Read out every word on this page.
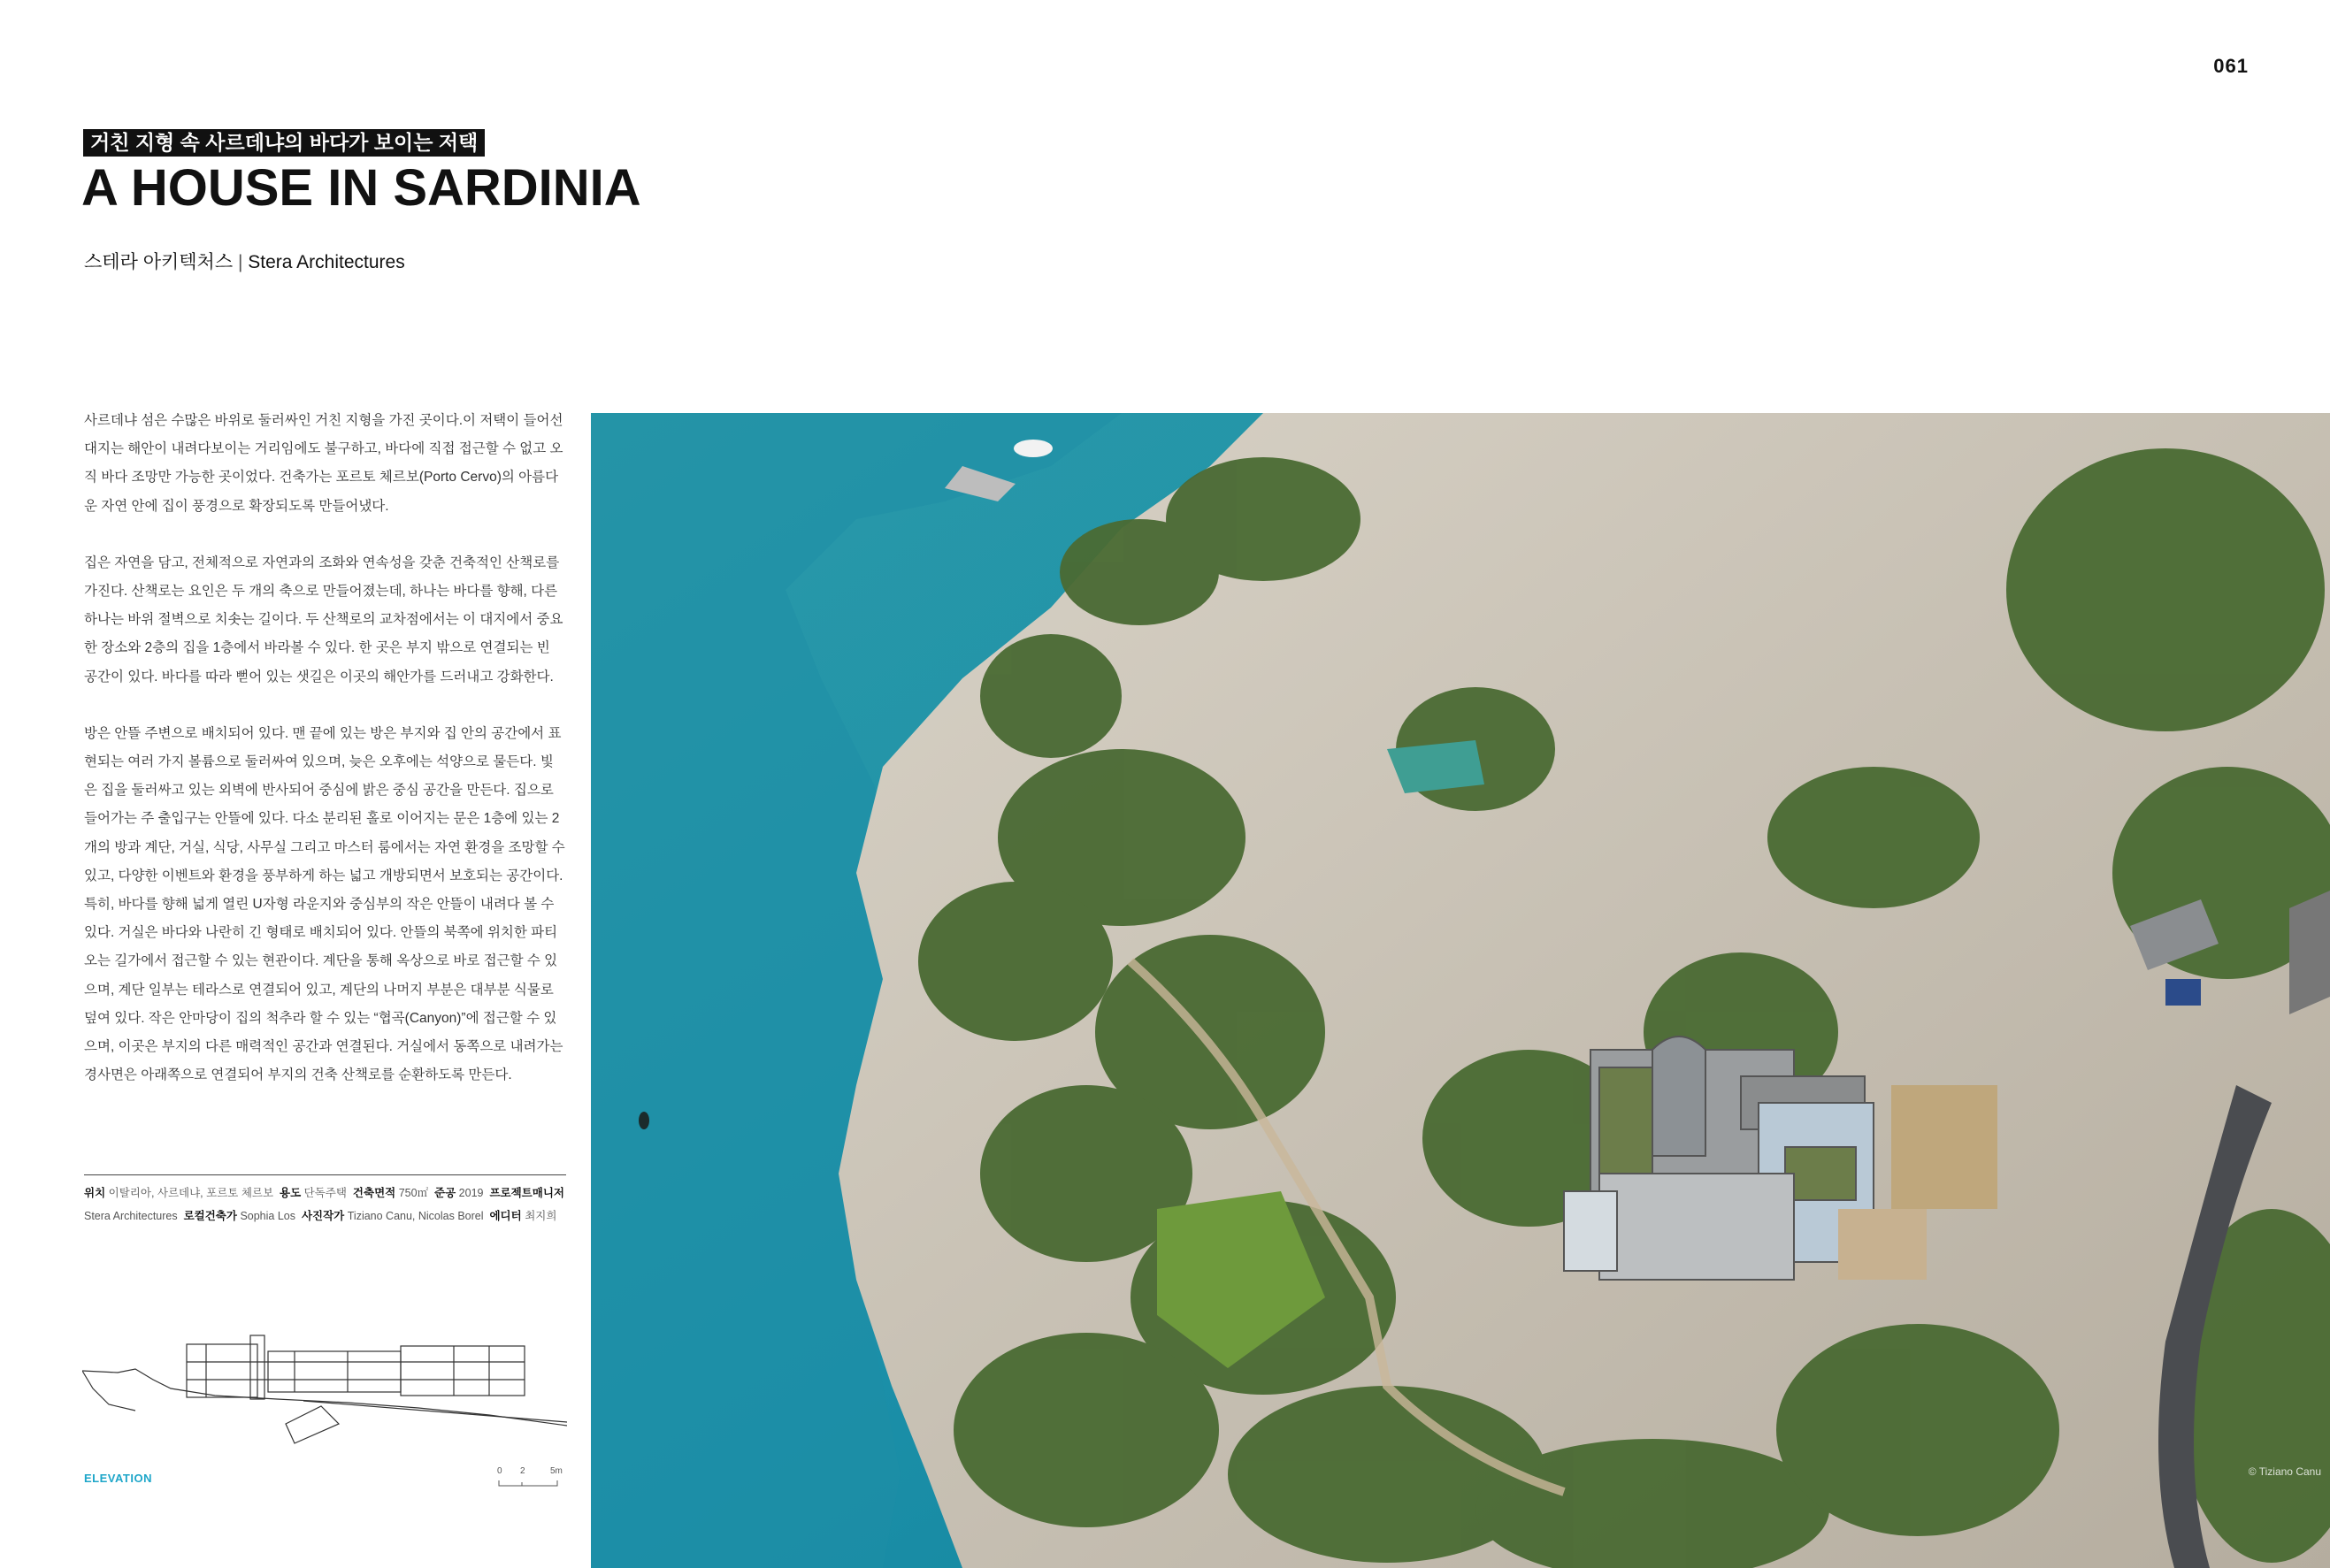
061
거친 지형 속 사르데냐의 바다가 보이는 저택
A HOUSE IN SARDINIA
스테라 아키텍처스 | Stera Architectures

사르데냐 섬은 수많은 바위로 둘러싸인 거친 지형을 가진 곳이다.이 저택이 들어선 대지는 해안이 내려다보이는 거리임에도 불구하고, 바다에 직접 접근할 수 없고 오직 바다 조망만 가능한 곳이었다. 건축가는 포르토 체르보(Porto Cervo)의 아름다운 자연 안에 집이 풍경으로 확장되도록 만들어냈다.

집은 자연을 담고, 전체적으로 자연과의 조화와 연속성을 갖춘 건축적인 산책로를 가진다. 산책로는 요인은 두 개의 축으로 만들어졌는데, 하나는 바다를 향해, 다른 하나는 바위 절벽으로 치솟는 길이다. 두 산책로의 교차점에서는 이 대지에서 중요한 장소와 2층의 집을 1층에서 바라볼 수 있다. 한 곳은 부지 밖으로 연결되는 빈 공간이 있다. 바다를 따라 뻗어 있는 샛길은 이곳의 해안가를 드러내고 강화한다.

방은 안뜰 주변으로 배치되어 있다. 맨 끝에 있는 방은 부지와 집 안의 공간에서 표현되는 여러 가지 볼륨으로 둘러싸여 있으며, 늦은 오후에는 석양으로 물든다. 빛은 집을 둘러싸고 있는 외벽에 반사되어 중심에 밝은 중심 공간을 만든다. 집으로 들어가는 주 출입구는 안뜰에 있다. 다소 분리된 홀로 이어지는 문은 1층에 있는 2개의 방과 계단, 거실, 식당, 사무실 그리고 마스터 룸에서는 자연 환경을 조망할 수 있고, 다양한 이벤트와 환경을 풍부하게 하는 넓고 개방되면서 보호되는 공간이다. 특히, 바다를 향해 넓게 열린 U자형 라운지와 중심부의 작은 안뜰이 내려다 볼 수 있다. 거실은 바다와 나란히 긴 형태로 배치되어 있다. 안뜰의 북쪽에 위치한 파티오는 길가에서 접근할 수 있는 현관이다. 계단을 통해 옥상으로 바로 접근할 수 있으며, 계단 일부는 테라스로 연결되어 있고, 계단의 나머지 부분은 대부분 식물로 덮여 있다. 작은 안마당이 집의 척추라 할 수 있는 “협곡(Canyon)”에 접근할 수 있으며, 이곳은 부지의 다른 매력적인 공간과 연결된다. 거실에서 동쪽으로 내려가는 경사면은 아래쪽으로 연결되어 부지의 건축 산책로를 순환하도록 만든다.

위치 이탈리아, 사르데냐, 포르토 체르보 용도 단독주택 건축면적 750㎡ 준공 2019 프로젝트매니저
Stera Architectures 로컬건축가 Sophia Los 사진작가 Tiziano Canu, Nicolas Borel 에디터 최지희
ELEVATION
0 2	5m	© Tiziano Canu
